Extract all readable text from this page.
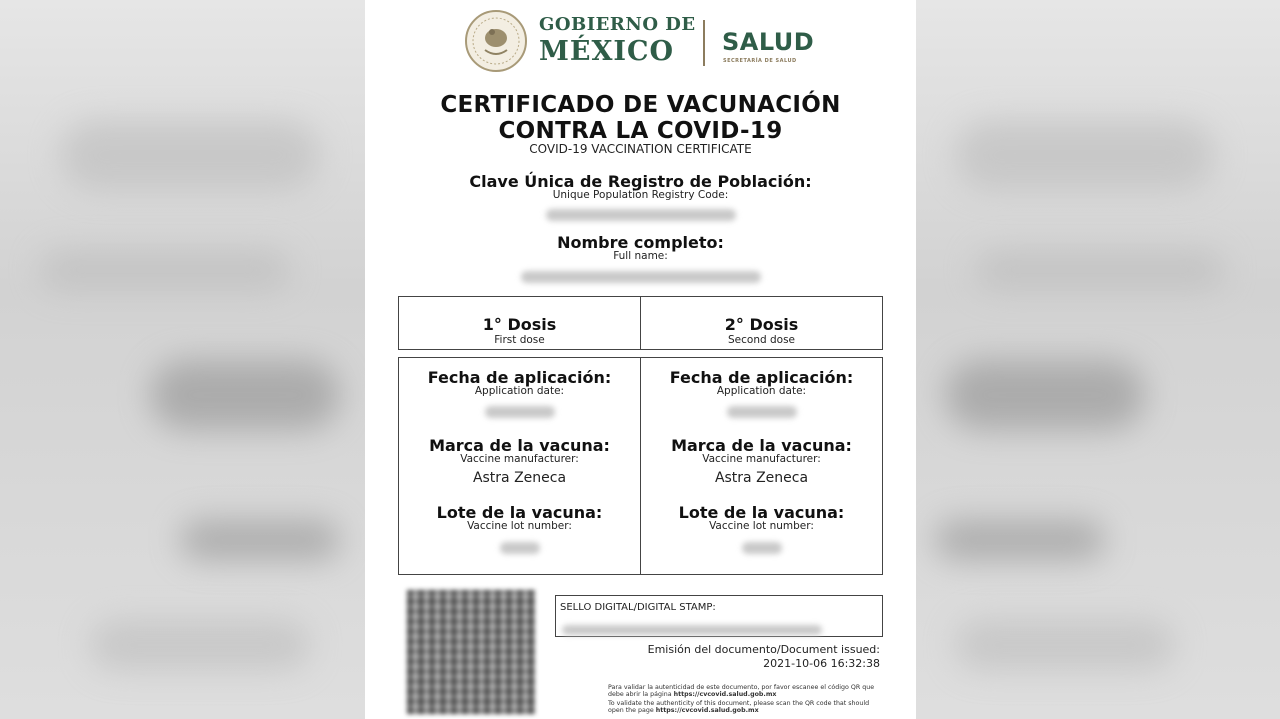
GOBIERNO DE
MÉXICO SALUD
SECRETARÍA DE SALUD
CERTIFICADO DE VACUNACIÓN
CONTRA LA COVID-19
COVID-19 VACCINATION CERTIFICATE
Clave Única de Registro de Población:
Unique Population Registry Code:
Nombre completo:
Full name:
1° Dosis
First dose
2° Dosis
Second dose
Fecha de aplicación:
Application date:
Marca de la vacuna:
Vaccine manufacturer:
Astra Zeneca
Lote de la vacuna:
Vaccine lot number:
Fecha de aplicación:
Application date:
Marca de la vacuna:
Vaccine manufacturer:
Astra Zeneca
Lote de la vacuna:
Vaccine lot number:
SELLO DIGITAL/DIGITAL STAMP:
Emisión del documento/Document issued:
2021-10-06 16:32:38
Para validar la autenticidad de este documento, por favor escanee el código QR que debe abrir la página https://cvcovid.salud.gob.mx
To validate the authenticity of this document, please scan the QR code that should open the page https://cvcovid.salud.gob.mx
